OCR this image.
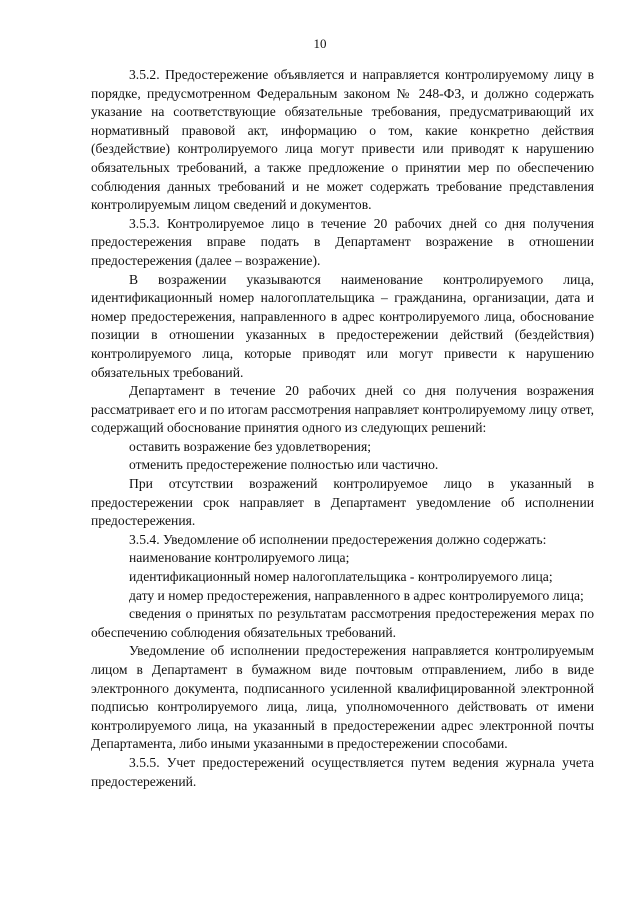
10

3.5.2. Предостережение объявляется и направляется контролируемому лицу в порядке, предусмотренном Федеральным законом № 248-ФЗ, и должно содержать указание на соответствующие обязательные требования, предусматривающий их нормативный правовой акт, информацию о том, какие конкретно действия (бездействие) контролируемого лица могут привести или приводят к нарушению обязательных требований, а также предложение о принятии мер по обеспечению соблюдения данных требований и не может содержать требование представления контролируемым лицом сведений и документов.

3.5.3. Контролируемое лицо в течение 20 рабочих дней со дня получения предостережения вправе подать в Департамент возражение в отношении предостережения (далее – возражение).

В возражении указываются наименование контролируемого лица, идентификационный номер налогоплательщика – гражданина, организации, дата и номер предостережения, направленного в адрес контролируемого лица, обоснование позиции в отношении указанных в предостережении действий (бездействия) контролируемого лица, которые приводят или могут привести к нарушению обязательных требований.

Департамент в течение 20 рабочих дней со дня получения возражения рассматривает его и по итогам рассмотрения направляет контролируемому лицу ответ, содержащий обоснование принятия одного из следующих решений:

оставить возражение без удовлетворения;

отменить предостережение полностью или частично.

При отсутствии возражений контролируемое лицо в указанный в предостережении срок направляет в Департамент уведомление об исполнении предостережения.

3.5.4. Уведомление об исполнении предостережения должно содержать:

наименование контролируемого лица;

идентификационный номер налогоплательщика - контролируемого лица;

дату и номер предостережения, направленного в адрес контролируемого лица;

сведения о принятых по результатам рассмотрения предостережения мерах по обеспечению соблюдения обязательных требований.

Уведомление об исполнении предостережения направляется контролируемым лицом в Департамент в бумажном виде почтовым отправлением, либо в виде электронного документа, подписанного усиленной квалифицированной электронной подписью контролируемого лица, лица, уполномоченного действовать от имени контролируемого лица, на указанный в предостережении адрес электронной почты Департамента, либо иными указанными в предостережении способами.

3.5.5. Учет предостережений осуществляется путем ведения журнала учета предостережений.
